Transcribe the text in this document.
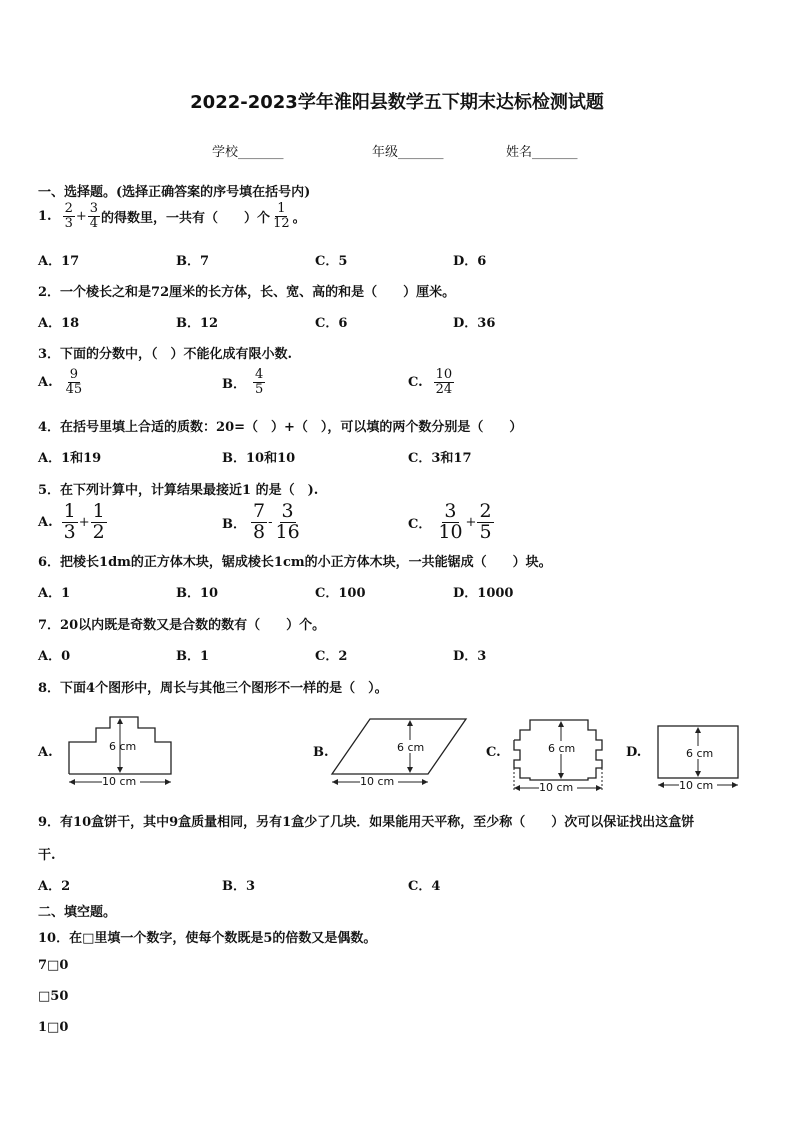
2022-2023学年淮阳县数学五下期末达标检测试题
学校_______	年级_______	姓名_______
一、选择题。(选择正确答案的序号填在括号内)
1. $\frac{2}{3} + \frac{3}{4}$ 的得数里，一共有（　　）个 $\frac{1}{12}$ 。
A．17	B．7	C．5	D．6
2．一个棱长之和是72厘米的长方体，长、宽、高的和是（　　）厘米。
A．18	B．12	C．6	D．36
3．下面的分数中，（　）不能化成有限小数.
A. $\frac{9}{45}$	B． $\frac{4}{5}$	C. $\frac{10}{24}$
4．在括号里填上合适的质数：20=（　）+（　），可以填的两个数分别是（　　）
A．1和19	B．10和10	C．3和17
5．在下列计算中，计算结果最接近1 的是（　).
A. $\frac{1}{3} + \frac{1}{2}$	B． $\frac{7}{8} - \frac{3}{16}$	C． $\frac{3}{10} + \frac{2}{5}$
6．把棱长1dm的正方体木块，锯成棱长1cm的小正方体木块，一共能锯成（　　）块。
A．1	B．10	C．100	D．1000
7．20以内既是奇数又是合数的数有（　　）个。
A．0	B．1	C．2	D．3
8．下面4个图形中，周长与其他三个图形不一样的是（　）。
A.	6 cm
10 cm
B.	6 cm
10 cm
C.	6 cm
10 cm
D.	6 cm
10 cm
9．有10盒饼干，其中9盒质量相同，另有1盒少了几块．如果能用天平称，至少称（　　）次可以保证找出这盒饼
干.
A．2	B．3	C．4
二、填空题。
10．在□里填一个数字，使每个数既是5的倍数又是偶数。
7□0
□50
1□0
